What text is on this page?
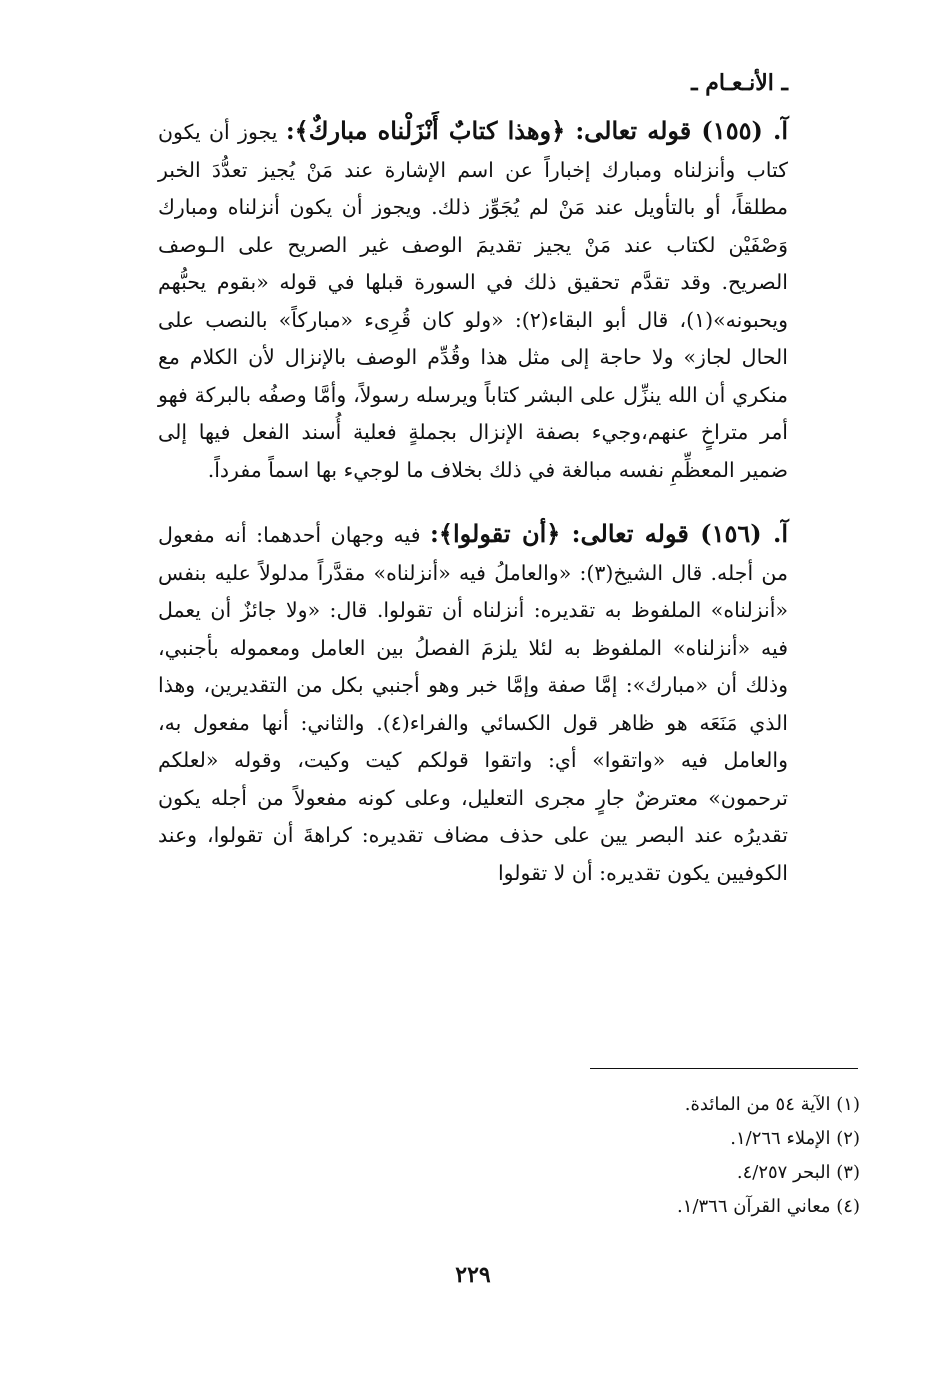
ـ الأنـعـام ـ

آ. (١٥٥) قوله تعالى: ﴿وهذا كتابٌ أَنْزَلْناه مباركٌ﴾: يجوز أن يكون كتاب وأنزلناه ومبارك إخباراً عن اسم الإشارة عند مَنْ يُجيز تعدُّدَ الخبر مطلقاً، أو بالتأويل عند مَنْ لم يُجَوِّز ذلك. ويجوز أن يكون أنزلناه ومبارك وَصْفَيْن لكتاب عند مَنْ يجيز تقديمَ الوصف غير الصريح على الـوصف الصريح. وقد تقدَّم تحقيق ذلك في السورة قبلها في قوله «بقوم يحبُّهم ويحبونه»(١)، قال أبو البقاء(٢): «ولو كان قُرِىء «مباركاً» بالنصب على الحال لجاز» ولا حاجة إلى مثل هذا وقُدِّم الوصف بالإنزال لأن الكلام مع منكري أن الله ينزِّل على البشر كتاباً ويرسله رسولاً، وأمَّا وصفُه بالبركة فهو أمر متراخٍ عنهم،وجيء بصفة الإنزال بجملةٍ فعلية أُسند الفعل فيها إلى ضمير المعظِّمِ نفسه مبالغة في ذلك بخلاف ما لوجيء بها اسماً مفرداً.

آ. (١٥٦) قوله تعالى: ﴿أن تقولوا﴾: فيه وجهان أحدهما: أنه مفعول من أجله. قال الشيخ(٣): «والعاملُ فيه «أنزلناه» مقدَّراً مدلولاً عليه بنفس «أنزلناه» الملفوظ به تقديره: أنزلناه أن تقولوا. قال: «ولا جائزٌ أن يعمل فيه «أنزلناه» الملفوظ به لئلا يلزمَ الفصلُ بين العامل ومعموله بأجنبي، وذلك أن «مبارك»: إمَّا صفة وإمَّا خبر وهو أجنبي بكل من التقديرين، وهذا الذي مَنَعَه هو ظاهر قول الكسائي والفراء(٤). والثاني: أنها مفعول به، والعامل فيه «واتقوا» أي: واتقوا قولكم كيت وكيت، وقوله «لعلكم ترحمون» معترضٌ جارٍ مجرى التعليل، وعلى كونه مفعولاً من أجله يكون تقديرُه عند البصر يين على حذف مضاف تقديره: كراهةَ أن تقولوا، وعند الكوفيين يكون تقديره: أن لا تقولوا

(١) الآية ٥٤ من المائدة.
(٢) الإملاء ١/٢٦٦.
(٣) البحر ٤/٢٥٧.
(٤) معاني القرآن ١/٣٦٦.
٢٢٩
